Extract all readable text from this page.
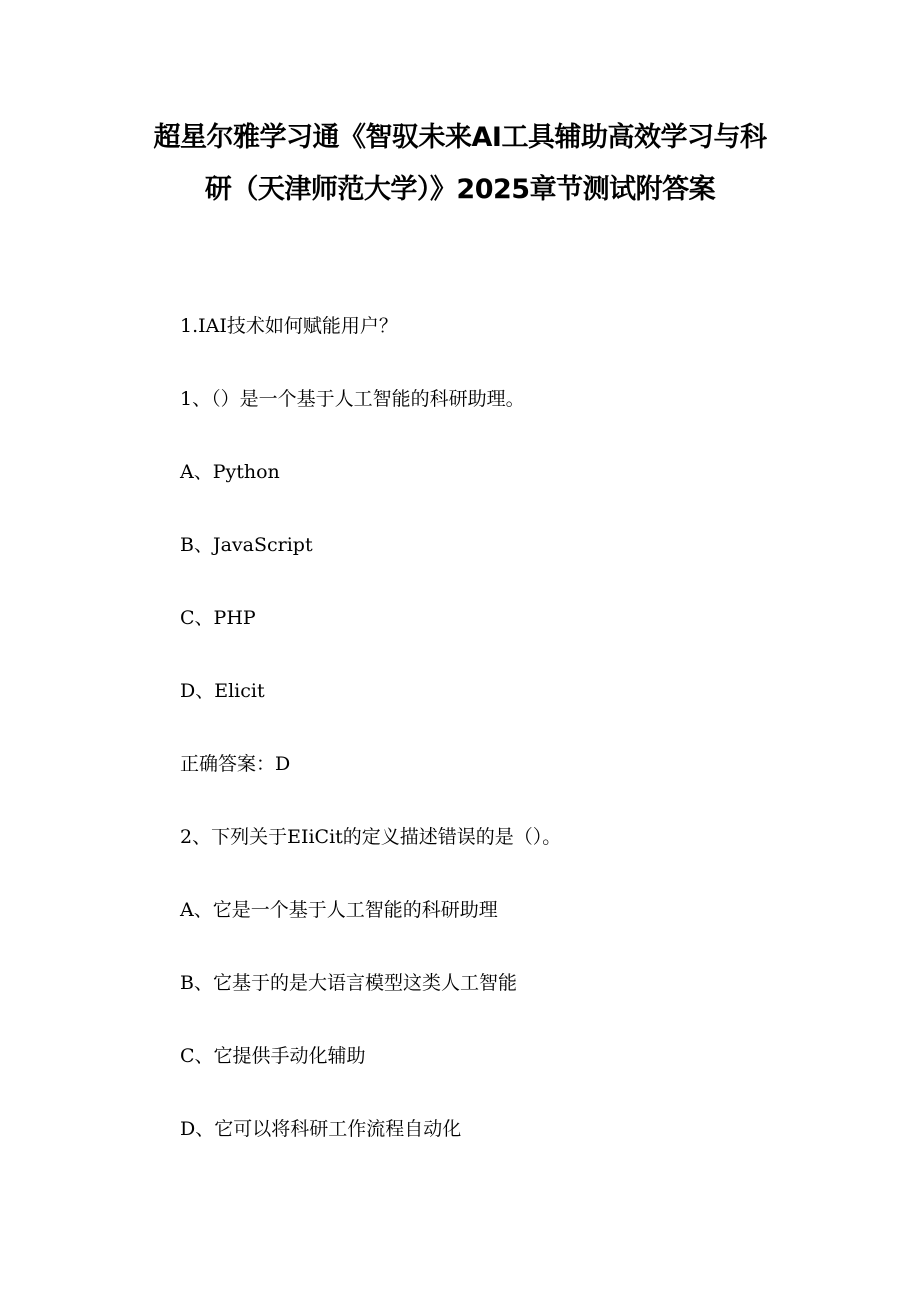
超星尔雅学习通《智驭未来AI工具辅助高效学习与科
研（天津师范大学）》2025章节测试附答案

1.IAI技术如何赋能用户？

1、（）是一个基于人工智能的科研助理。

A、Python

B、JavaScript

C、PHP

D、Elicit

正确答案：D

2、下列关于EIiCit的定义描述错误的是（）。

A、它是一个基于人工智能的科研助理

B、它基于的是大语言模型这类人工智能

C、它提供手动化辅助

D、它可以将科研工作流程自动化
